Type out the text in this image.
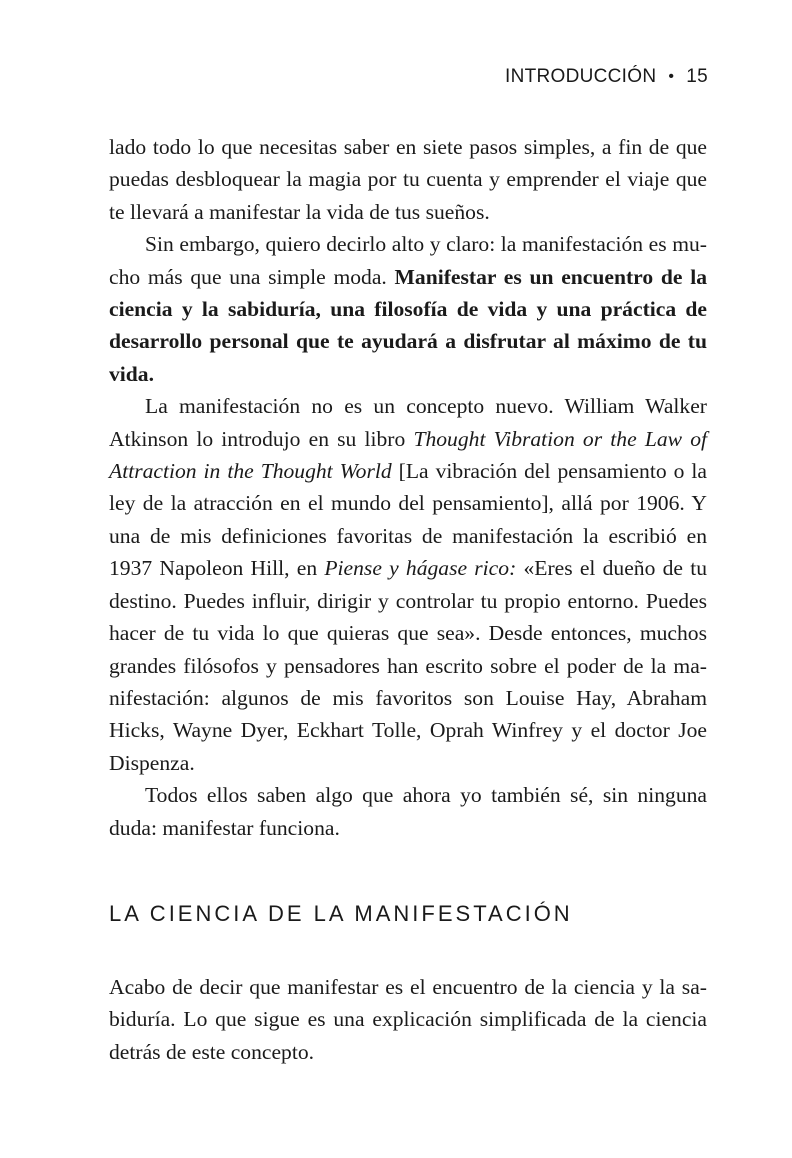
INTRODUCCIÓN • 15

lado todo lo que necesitas saber en siete pasos simples, a fin de que puedas desbloquear la magia por tu cuenta y emprender el viaje que te llevará a manifestar la vida de tus sueños.

Sin embargo, quiero decirlo alto y claro: la manifestación es mucho más que una simple moda. Manifestar es un encuentro de la ciencia y la sabiduría, una filosofía de vida y una práctica de desarrollo personal que te ayudará a disfrutar al máximo de tu vida.

La manifestación no es un concepto nuevo. William Walker Atkinson lo introdujo en su libro Thought Vibration or the Law of Attraction in the Thought World [La vibración del pensamiento o la ley de la atracción en el mundo del pensamiento], allá por 1906. Y una de mis definiciones favoritas de manifestación la escribió en 1937 Napoleon Hill, en Piense y hágase rico: «Eres el dueño de tu destino. Puedes influir, dirigir y controlar tu propio entorno. Puedes hacer de tu vida lo que quieras que sea». Desde entonces, muchos grandes filósofos y pensadores han escrito sobre el poder de la manifestación: algunos de mis favoritos son Louise Hay, Abraham Hicks, Wayne Dyer, Eckhart Tolle, Oprah Winfrey y el doctor Joe Dispenza.

Todos ellos saben algo que ahora yo también sé, sin ninguna duda: manifestar funciona.

LA CIENCIA DE LA MANIFESTACIÓN

Acabo de decir que manifestar es el encuentro de la ciencia y la sabiduría. Lo que sigue es una explicación simplificada de la ciencia detrás de este concepto.
